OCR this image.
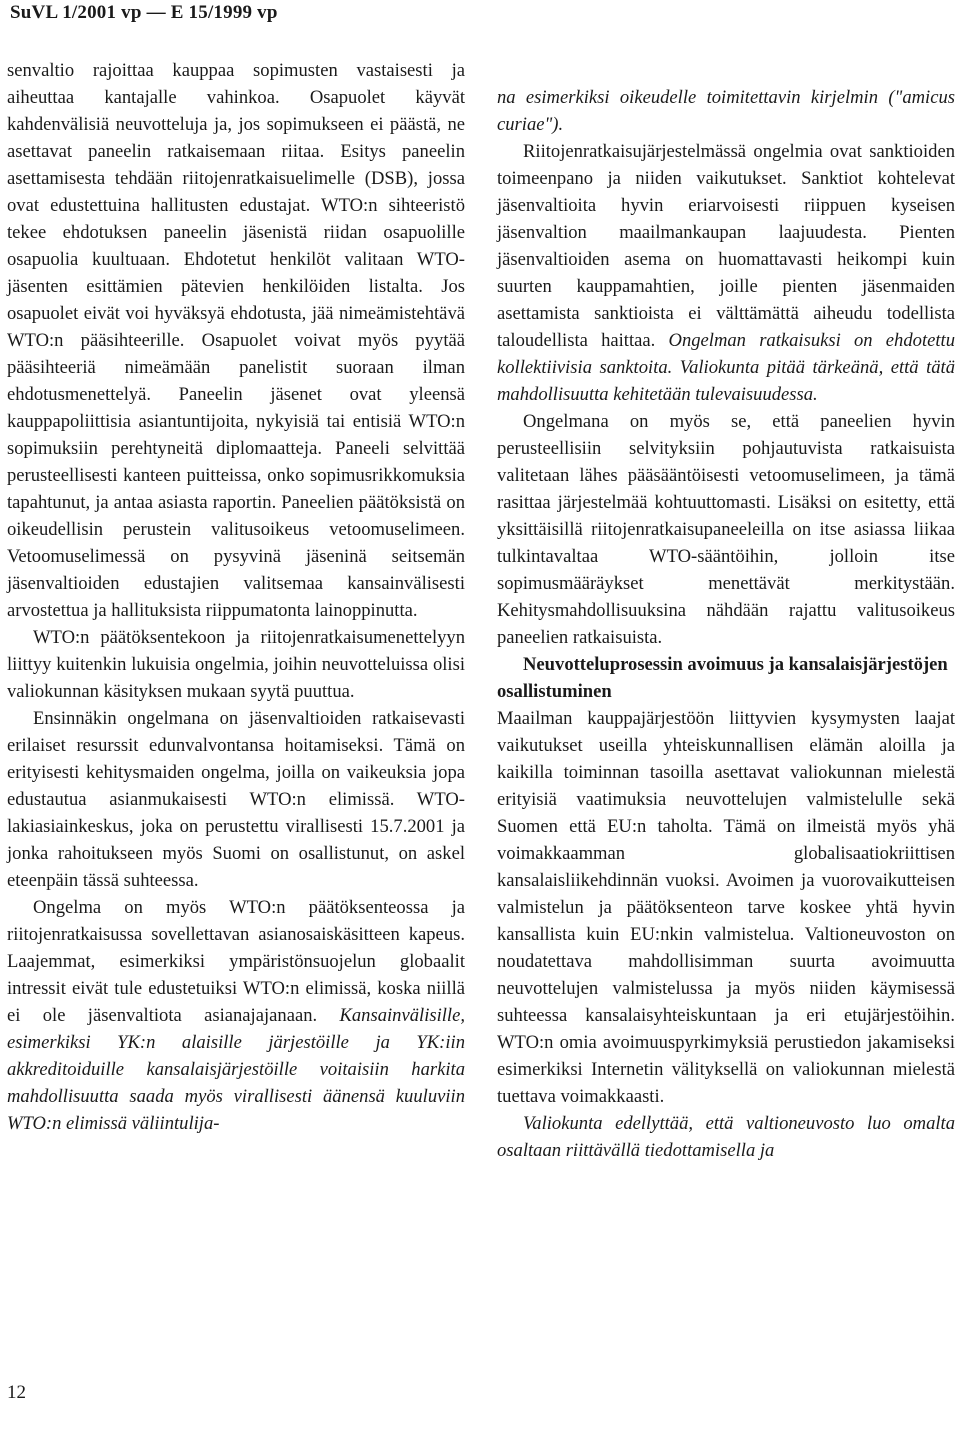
SuVL 1/2001 vp — E 15/1999 vp

senvaltio rajoittaa kauppaa sopimusten vastaisesti ja aiheuttaa kantajalle vahinkoa. Osapuolet käyvät kahdenvälisiä neuvotteluja ja, jos sopimukseen ei päästä, ne asettavat paneelin ratkaisemaan riitaa. Esitys paneelin asettamisesta tehdään riitojenratkaisuelimelle (DSB), jossa ovat edustettuina hallitusten edustajat. WTO:n sihteeristö tekee ehdotuksen paneelin jäsenistä riidan osapuolille osapuolia kuultuaan. Ehdotetut henkilöt valitaan WTO-jäsenten esittämien pätevien henkilöiden listalta. Jos osapuolet eivät voi hyväksyä ehdotusta, jää nimeämistehtävä WTO:n pääsihteerille. Osapuolet voivat myös pyytää pääsihteeriä nimeämään panelistit suoraan ilman ehdotusmenettelyä. Paneelin jäsenet ovat yleensä kauppapoliittisia asiantuntijoita, nykyisiä tai entisiä WTO:n sopimuksiin perehtyneitä diplomaatteja. Paneeli selvittää perusteellisesti kanteen puitteissa, onko sopimusrikkomuksia tapahtunut, ja antaa asiasta raportin. Paneelien päätöksistä on oikeudellisin perustein valitusoikeus vetoomuselimeen. Vetoomuselimessä on pysyvinä jäseninä seitsemän jäsenvaltioiden edustajien valitsemaa kansainvälisesti arvostettua ja hallituksista riippumatonta lainoppinutta.

WTO:n päätöksentekoon ja riitojenratkaisumenettelyyn liittyy kuitenkin lukuisia ongelmia, joihin neuvotteluissa olisi valiokunnan käsityksen mukaan syytä puuttua.

Ensinnäkin ongelmana on jäsenvaltioiden ratkaisevasti erilaiset resurssit edunvalvontansa hoitamiseksi. Tämä on erityisesti kehitysmaiden ongelma, joilla on vaikeuksia jopa edustautua asianmukaisesti WTO:n elimissä. WTO-lakiasiainkeskus, joka on perustettu virallisesti 15.7.2001 ja jonka rahoitukseen myös Suomi on osallistunut, on askel eteenpäin tässä suhteessa.

Ongelma on myös WTO:n päätöksenteossa ja riitojenratkaisussa sovellettavan asianosaiskäsitteen kapeus. Laajemmat, esimerkiksi ympäristönsuojelun globaalit intressit eivät tule edustetuiksi WTO:n elimissä, koska niillä ei ole jäsenvaltiota asianajajanaan. Kansainvälisille, esimerkiksi YK:n alaisille järjestöille ja YK:iin akkreditoiduille kansalaisjärjestöille voitaisiin harkita mahdollisuutta saada myös virallisesti äänensä kuuluviin WTO:n elimissä väliintulija-

na esimerkiksi oikeudelle toimitettavin kirjelmin ("amicus curiae").

Riitojenratkaisujärjestelmässä ongelmia ovat sanktioiden toimeenpano ja niiden vaikutukset. Sanktiot kohtelevat jäsenvaltioita hyvin eriarvoisesti riippuen kyseisen jäsenvaltion maailmankaupan laajuudesta. Pienten jäsenvaltioiden asema on huomattavasti heikompi kuin suurten kauppamahtien, joille pienten jäsenmaiden asettamista sanktioista ei välttämättä aiheudu todellista taloudellista haittaa. Ongelman ratkaisuksi on ehdotettu kollektiivisia sanktoita. Valiokunta pitää tärkeänä, että tätä mahdollisuutta kehitetään tulevaisuudessa.

Ongelmana on myös se, että paneelien hyvin perusteellisiin selvityksiin pohjautuvista ratkaisuista valitetaan lähes pääsääntöisesti vetoomuselimeen, ja tämä rasittaa järjestelmää kohtuuttomasti. Lisäksi on esitetty, että yksittäisillä riitojenratkaisupaneeleilla on itse asiassa liikaa tulkintavaltaa WTO-sääntöihin, jolloin itse sopimusmääräykset menettävät merkitystään. Kehitysmahdollisuuksina nähdään rajattu valitusoikeus paneelien ratkaisuista.

Neuvotteluprosessin avoimuus ja kansalaisjärjestöjen osallistuminen

Maailman kauppajärjestöön liittyvien kysymysten laajat vaikutukset useilla yhteiskunnallisen elämän aloilla ja kaikilla toiminnan tasoilla asettavat valiokunnan mielestä erityisiä vaatimuksia neuvottelujen valmistelulle sekä Suomen että EU:n taholta. Tämä on ilmeistä myös yhä voimakkaamman globalisaatiokriittisen kansalaisliikehdinnän vuoksi. Avoimen ja vuorovaikutteisen valmistelun ja päätöksenteon tarve koskee yhtä hyvin kansallista kuin EU:nkin valmistelua. Valtioneuvoston on noudatettava mahdollisimman suurta avoimuutta neuvottelujen valmistelussa ja myös niiden käymisessä suhteessa kansalaisyhteiskuntaan ja eri etujärjestöihin. WTO:n omia avoimuuspyrkimyksiä perustiedon jakamiseksi esimerkiksi Internetin välityksellä on valiokunnan mielestä tuettava voimakkaasti.

Valiokunta edellyttää, että valtioneuvosto luo omalta osaltaan riittävällä tiedottamisella ja

12
